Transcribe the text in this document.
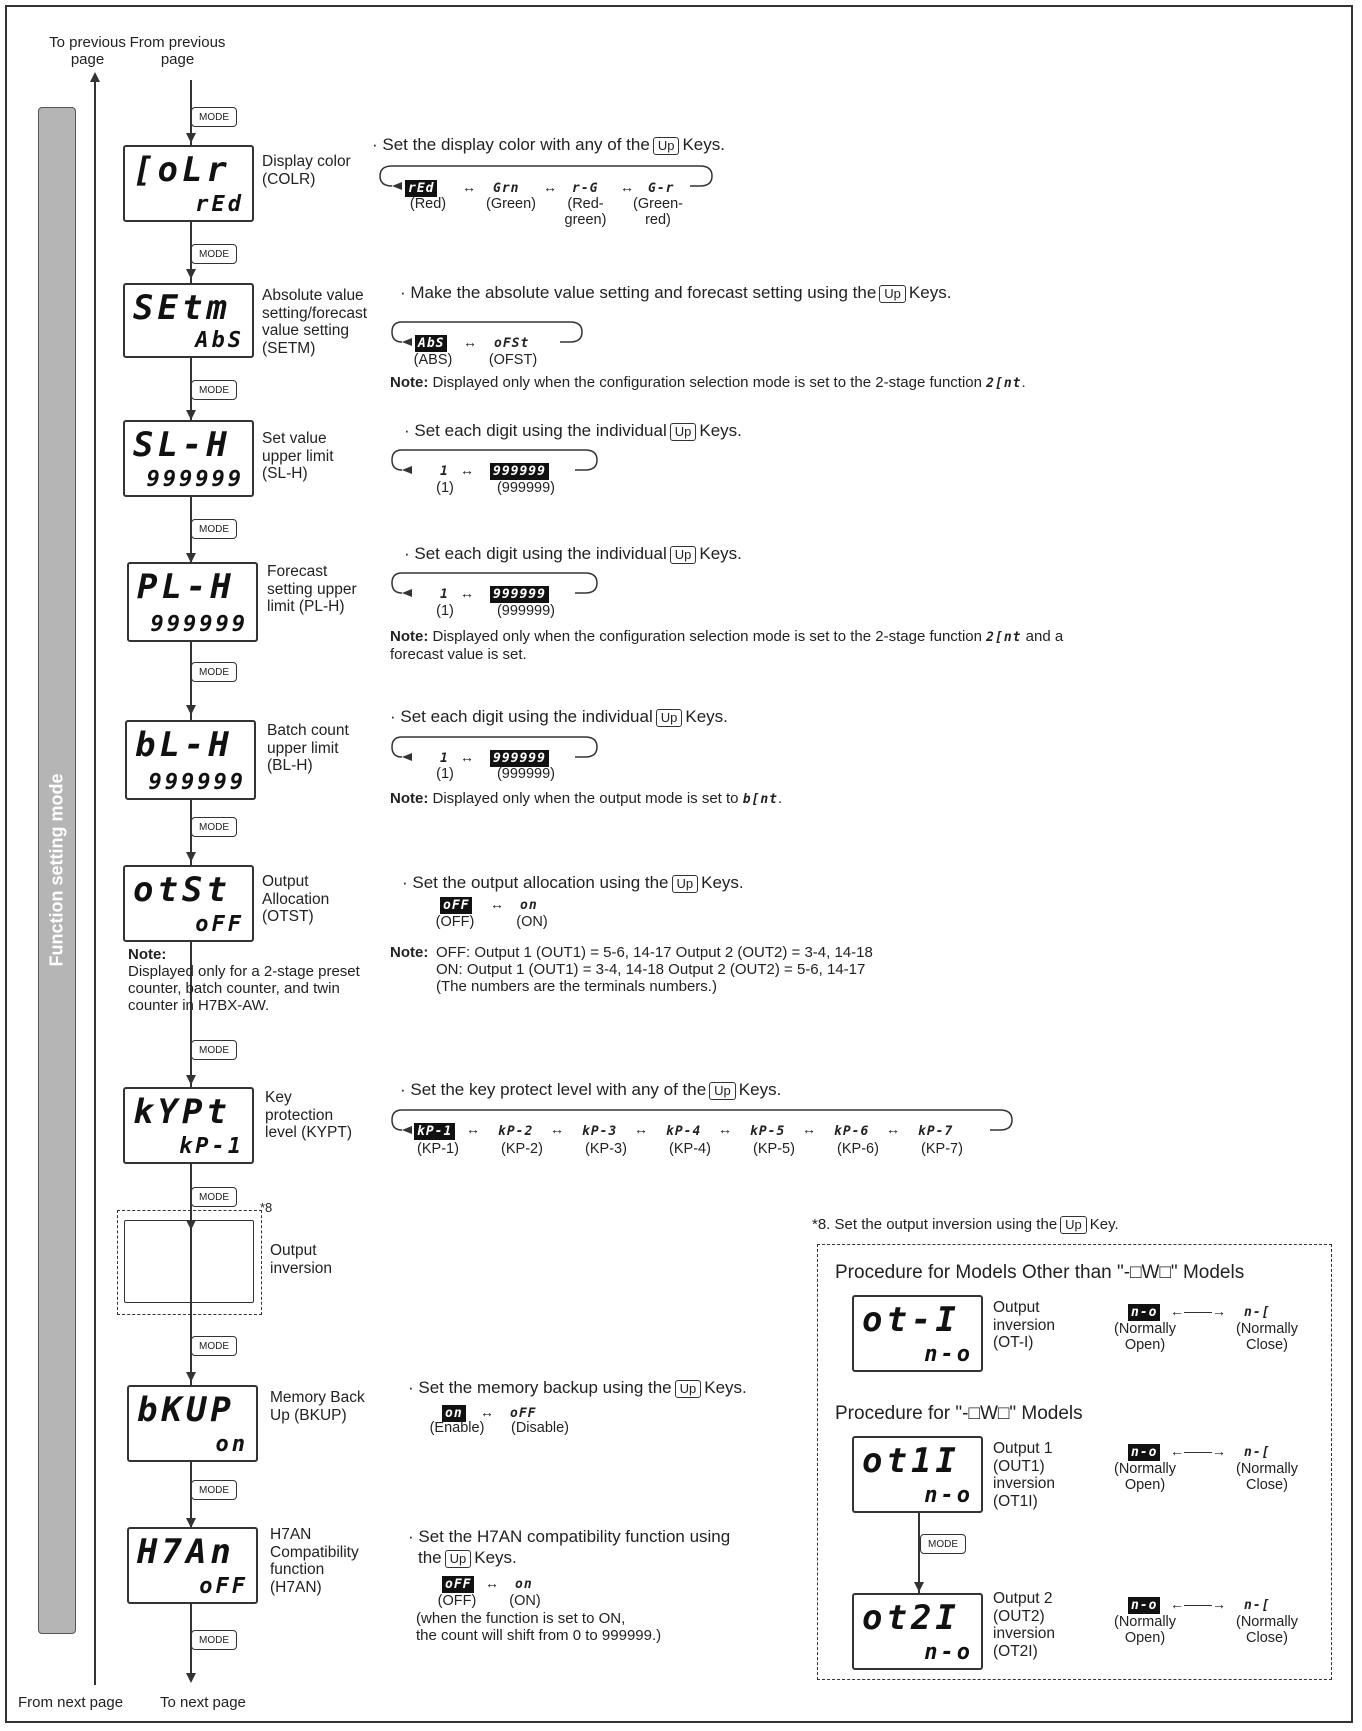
To previous page
From previous page
From next page To next page
Function setting mode
MODE
MODE
MODE
MODE
MODE
MODE
MODE
MODE
MODE
MODE
MODE
[oLr
rEd
Display color (COLR)
· Set the display color with any of the Up Keys.
rEd
(Red)
↔ Grn
(Green)
↔ r-G
(Red-green)
↔ G-r
(Green-red)
SEtm
AbS
Absolute value setting/forecast value setting (SETM)
· Make the absolute value setting and forecast setting using the Up Keys.
AbS
(ABS)
↔ oFSt
(OFST)
Note: Displayed only when the configuration selection mode is set to the 2-stage function 2[nt.
SL-H
999999
Set value upper limit (SL-H)
· Set each digit using the individual Up Keys.
1
(1)
↔ 999999
(999999)
PL-H
999999
Forecast setting upper limit (PL-H)
· Set each digit using the individual Up Keys.
1
(1)
↔ 999999
(999999)
Note: Displayed only when the configuration selection mode is set to the 2-stage function 2[nt and a forecast value is set.
bL-H
999999
Batch count upper limit (BL-H)
· Set each digit using the individual Up Keys.
1
(1)
↔ 999999
(999999)
Note: Displayed only when the output mode is set to b[nt.
otSt
oFF
Output Allocation (OTST)
Note:
Displayed only for a 2-stage preset counter, batch counter, and twin counter in H7BX-AW.
· Set the output allocation using the Up Keys.
oFF
(OFF)
↔ on
(ON)
Note: OFF: Output 1 (OUT1) = 5-6, 14-17 Output 2 (OUT2) = 3-4, 14-18
ON: Output 1 (OUT1) = 3-4, 14-18 Output 2 (OUT2) = 5-6, 14-17
(The numbers are the terminals numbers.)
kYPt
kP-1
Key protection level (KYPT)
· Set the key protect level with any of the Up Keys.
kP-1
(KP-1)
↔ kP-2
(KP-2)
↔ kP-3
(KP-3)
↔ kP-4
(KP-4)
↔ kP-5
(KP-5)
↔ kP-6
(KP-6)
↔ kP-7
(KP-7)
*8
Output inversion
bKUP
on
Memory Back Up (BKUP)
· Set the memory backup using the Up Keys.
on
(Enable)
↔ oFF
(Disable)
H7An
oFF
H7AN Compatibility function (H7AN)
· Set the H7AN compatibility function using
the Up Keys.
oFF
(OFF)
↔ on
(ON)
(when the function is set to ON,
the count will shift from 0 to 999999.)
*8. Set the output inversion using the Up Key.
Procedure for Models Other than "-□W□" Models
ot-I
n-o
Output inversion (OT-I)
Procedure for "-□W□" Models
ot1I
n-o
Output 1 (OUT1) inversion (OT1I)
MODE
ot2I
n-o
Output 2 (OUT2) inversion (OT2I)
n-o	n-[
←——→
(Normally Open)
(Normally Close)
n-o	n-[
←——→
(Normally Open)
(Normally Close)
n-o	n-[
←——→
(Normally Open)
(Normally Close)
